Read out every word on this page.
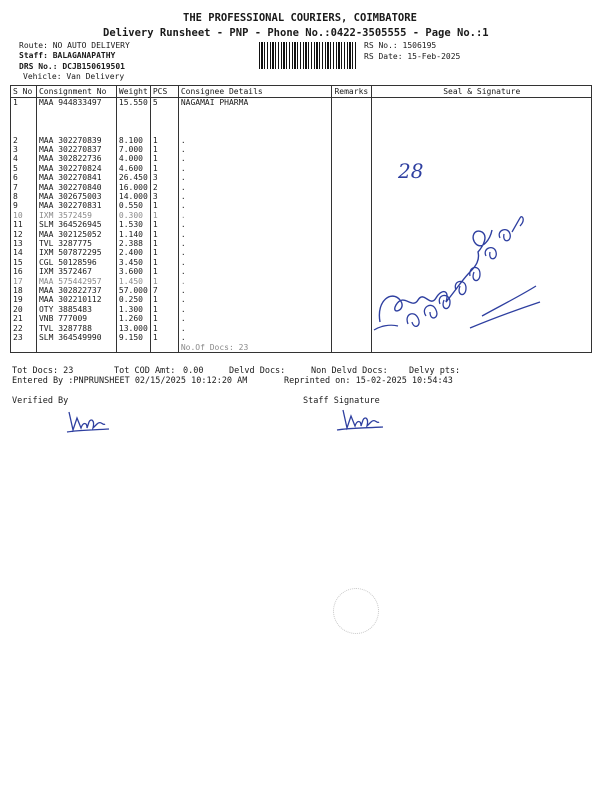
THE PROFESSIONAL COURIERS, COIMBATORE
Delivery Runsheet - PNP - Phone No.:0422-3505555 - Page No.:1
Route: NO AUTO DELIVERY
Staff: BALAGANAPATHY
DRS No.: DCJB150619501
Vehicle: Van Delivery
RS No.: 1506195
RS Date: 15-Feb-2025
S No	Consignment No	Weight	PCS	Consignee Details	Remarks	Seal & Signature
1	MAA 944833497	15.550	5	NAGAMAI PHARMA		

2	MAA 302270839	8.100	1	.		
3	MAA 302270837	7.000	1	.		
4	MAA 302822736	4.000	1	.		
5	MAA 302270824	4.600	1	.		
6	MAA 302270841	26.450	3	.		
7	MAA 302270840	16.000	2	.		
8	MAA 302675003	14.000	3	.		
9	MAA 302270831	0.550	1	.		
10	IXM 3572459	0.300	1	.		
11	SLM 364526945	1.530	1	.		
12	MAA 302125052	1.140	1	.		
13	TVL 3287775	2.388	1	.		
14	IXM 507872295	2.400	1	.		
15	CGL 50128596	3.450	1	.		
16	IXM 3572467	3.600	1	.		
17	MAA 575442957	1.450	1	.		
18	MAA 302822737	57.000	7	.		
19	MAA 302210112	0.250	1	.		
20	OTY 3885483	1.300	1	.		
21	VNB 777009	1.260	1	.		
22	TVL 3287788	13.000	1	.		
23	SLM 364549990	9.150	1	.		
				No.Of Docs: 23		
28
Tot Docs: 23	Tot COD Amt: 0.00	Delvd Docs:	Non Delvd Docs: Delvy pts:
Entered By :PNPRUNSHEET 02/15/2025 10:12:20 AM	Reprinted on: 15-02-2025 10:54:43
Verified By	Staff Signature
